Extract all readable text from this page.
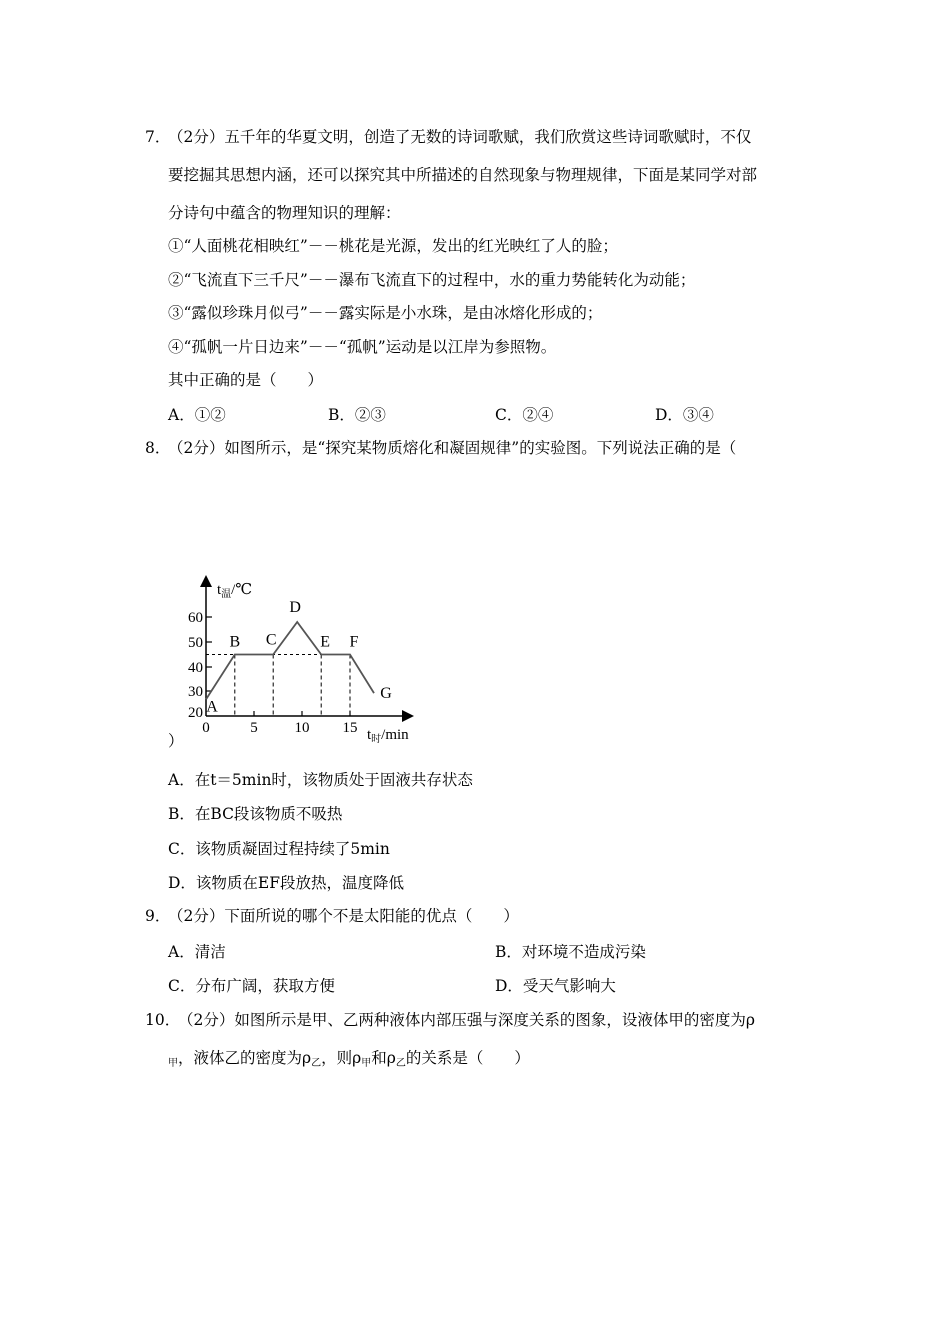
7．
（2分）五千年的华夏文明，创造了无数的诗词歌赋，我们欣赏这些诗词歌赋时，不仅
要挖掘其思想内涵，还可以探究其中所描述的自然现象与物理规律，下面是某同学对部
分诗句中蕴含的物理知识的理解：
①“人面桃花相映红”－－桃花是光源，发出的红光映红了人的脸；
②“飞流直下三千尺”－－瀑布飞流直下的过程中，水的重力势能转化为动能；
③“露似珍珠月似弓”－－露实际是小水珠，是由冰熔化形成的；
④“孤帆一片日边来”－－“孤帆”运动是以江岸为参照物。
其中正确的是（　　）
A．①②	B．②③	C．②④	D．③④
8．
（2分）如图所示，是“探究某物质熔化和凝固规律”的实验图。下列说法正确的是（
$t_温/℃$
$t_时/\min$
20
30
40
50
60
0	5 10 15
A
B C
D
E F
G
）
A．在t＝5min时，该物质处于固液共存状态
B．在BC段该物质不吸热
C．该物质凝固过程持续了5min
D．该物质在EF段放热，温度降低
9．
（2分）下面所说的哪个不是太阳能的优点（　　）
A．清洁	B．对环境不造成污染
C．分布广阔，获取方便	D．受天气影响大
10．
（2分）如图所示是甲、乙两种液体内部压强与深度关系的图象，设液体甲的密度为ρ
$_甲$，液体乙的密度为$\rho_乙$，则$\rho_甲$和$\rho_乙$的关系是（　　）
